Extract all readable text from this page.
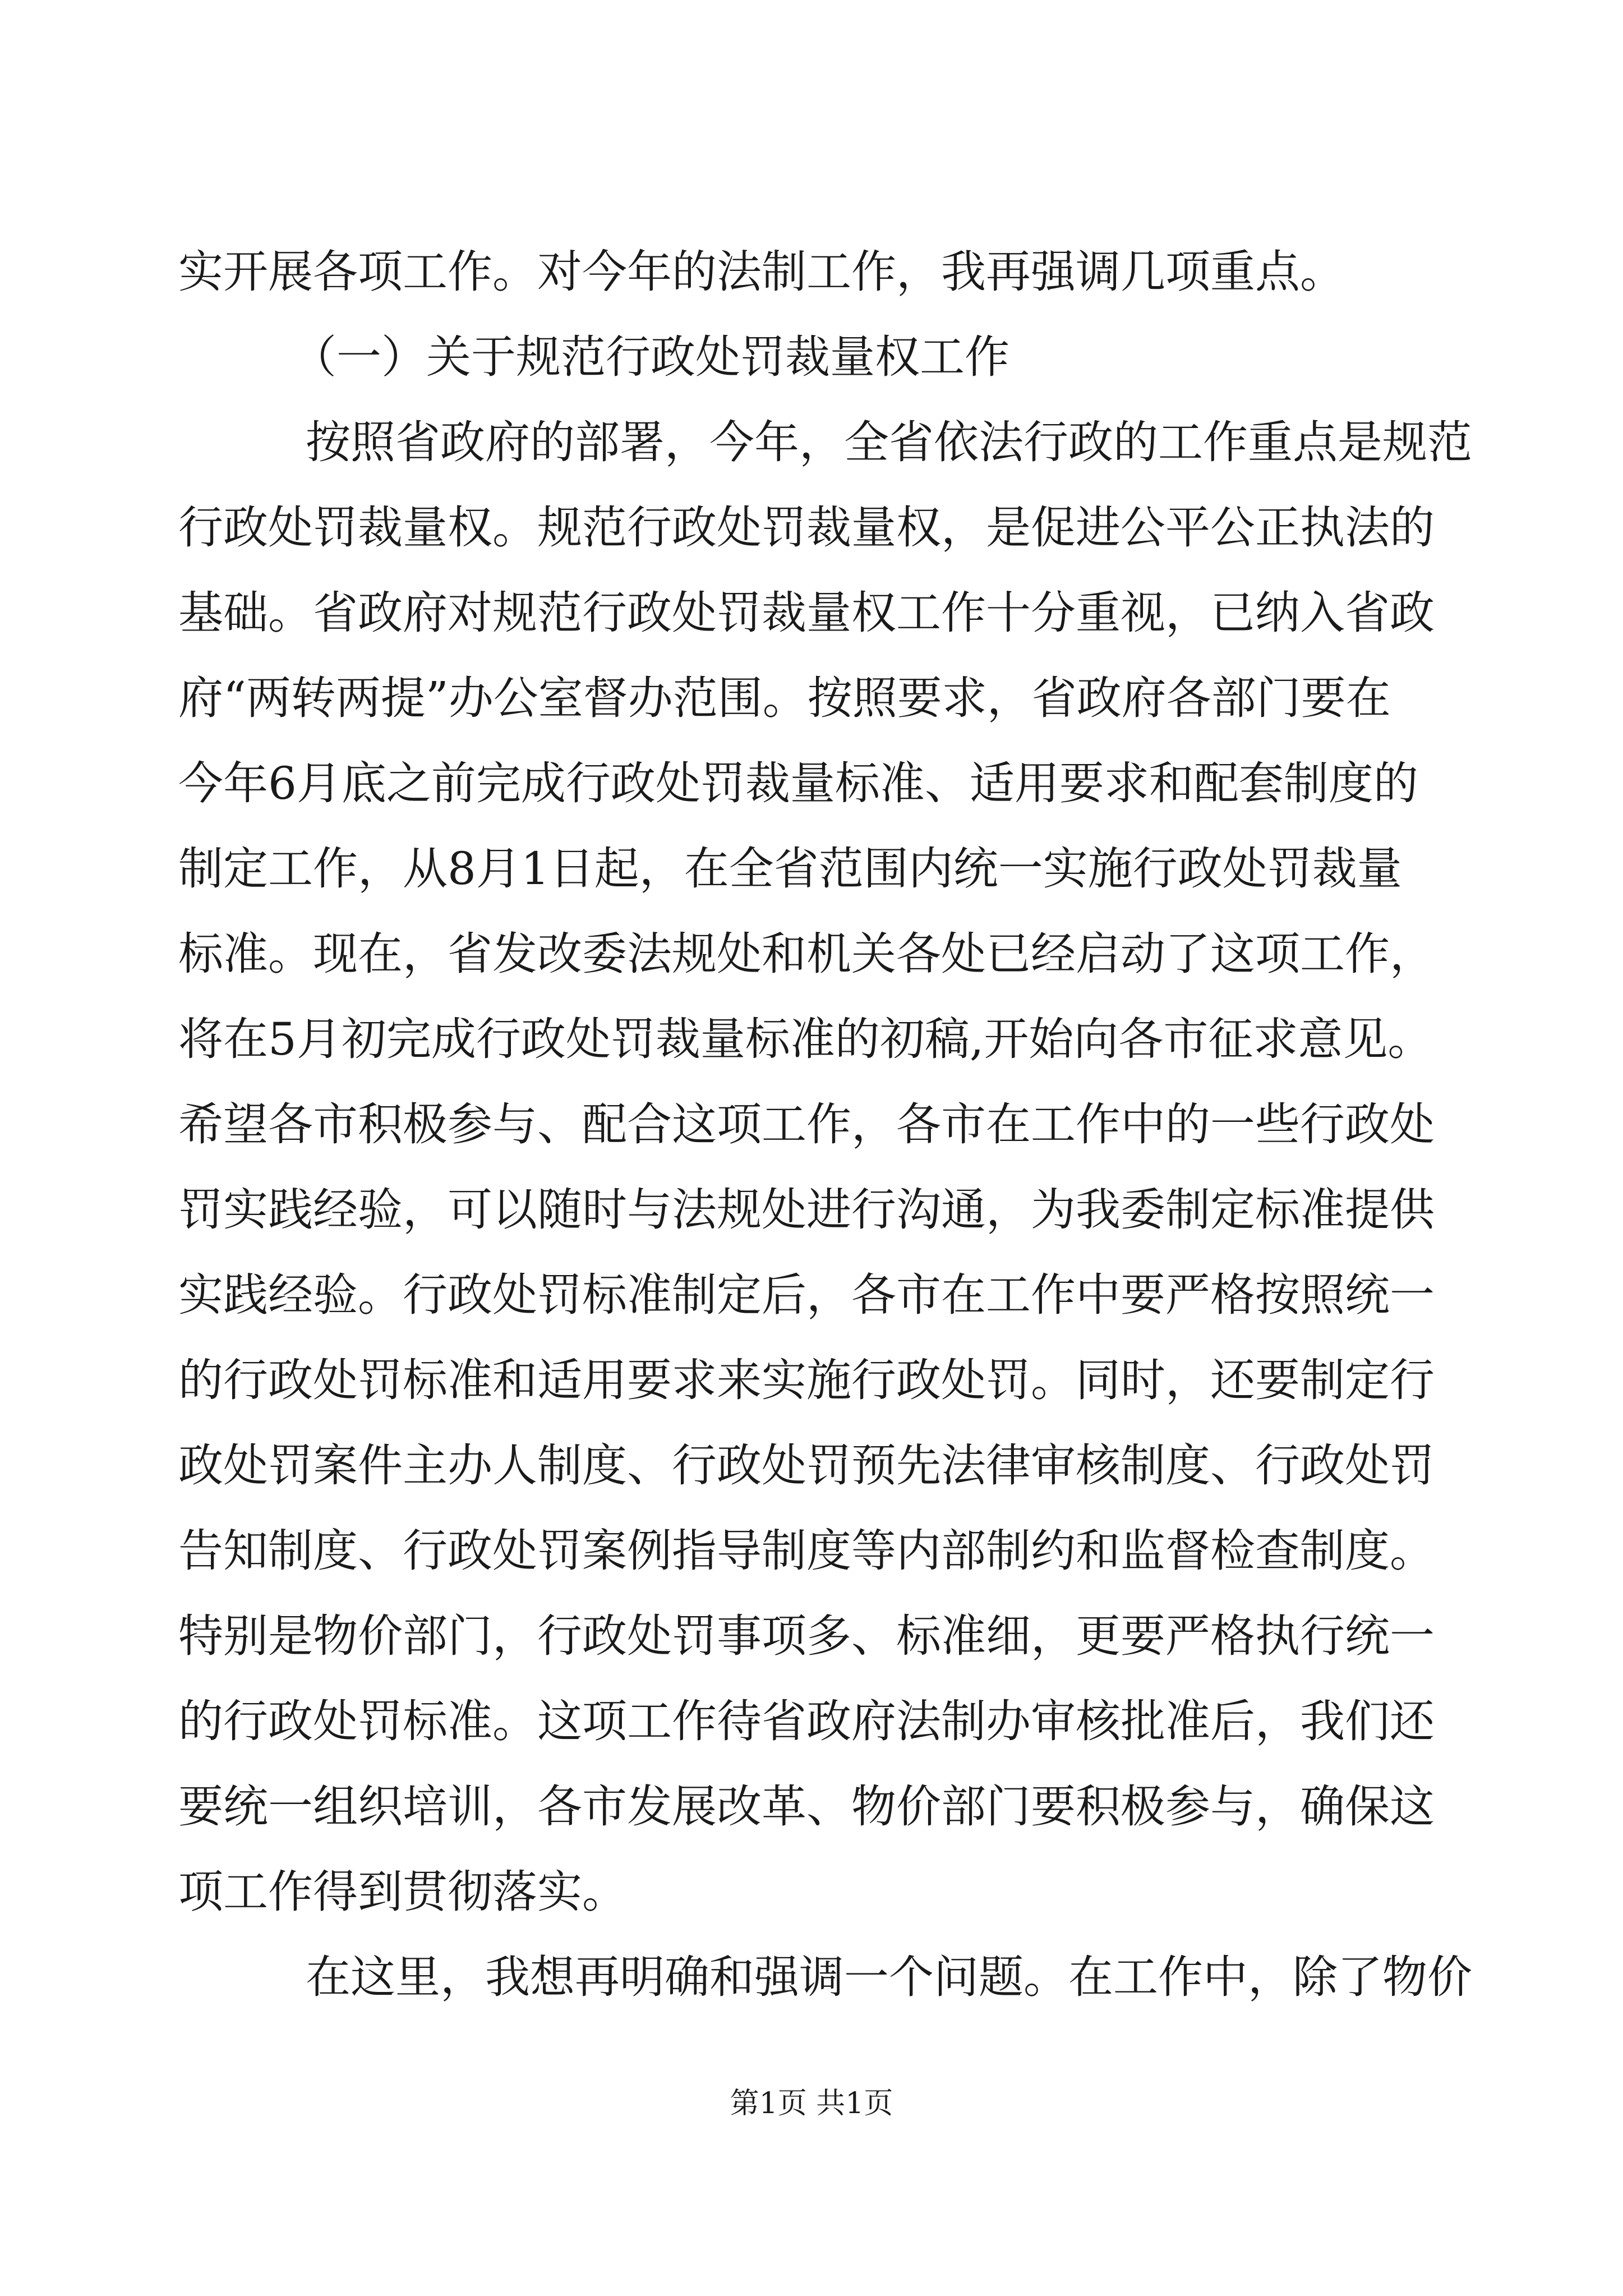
实开展各项工作。对今年的法制工作，我再强调几项重点。

（一）关于规范行政处罚裁量权工作

按照省政府的部署，今年，全省依法行政的工作重点是规范

行政处罚裁量权。规范行政处罚裁量权，是促进公平公正执法的

基础。省政府对规范行政处罚裁量权工作十分重视，已纳入省政

府“两转两提”办公室督办范围。按照要求，省政府各部门要在

今年6月底之前完成行政处罚裁量标准、适用要求和配套制度的

制定工作，从8月1日起，在全省范围内统一实施行政处罚裁量

标准。现在，省发改委法规处和机关各处已经启动了这项工作，

将在5月初完成行政处罚裁量标准的初稿,开始向各市征求意见。

希望各市积极参与、配合这项工作，各市在工作中的一些行政处

罚实践经验，可以随时与法规处进行沟通，为我委制定标准提供

实践经验。行政处罚标准制定后，各市在工作中要严格按照统一

的行政处罚标准和适用要求来实施行政处罚。同时，还要制定行

政处罚案件主办人制度、行政处罚预先法律审核制度、行政处罚

告知制度、行政处罚案例指导制度等内部制约和监督检查制度。

特别是物价部门，行政处罚事项多、标准细，更要严格执行统一

的行政处罚标准。这项工作待省政府法制办审核批准后，我们还

要统一组织培训，各市发展改革、物价部门要积极参与，确保这

项工作得到贯彻落实。

在这里，我想再明确和强调一个问题。在工作中，除了物价

第1页 共1页
